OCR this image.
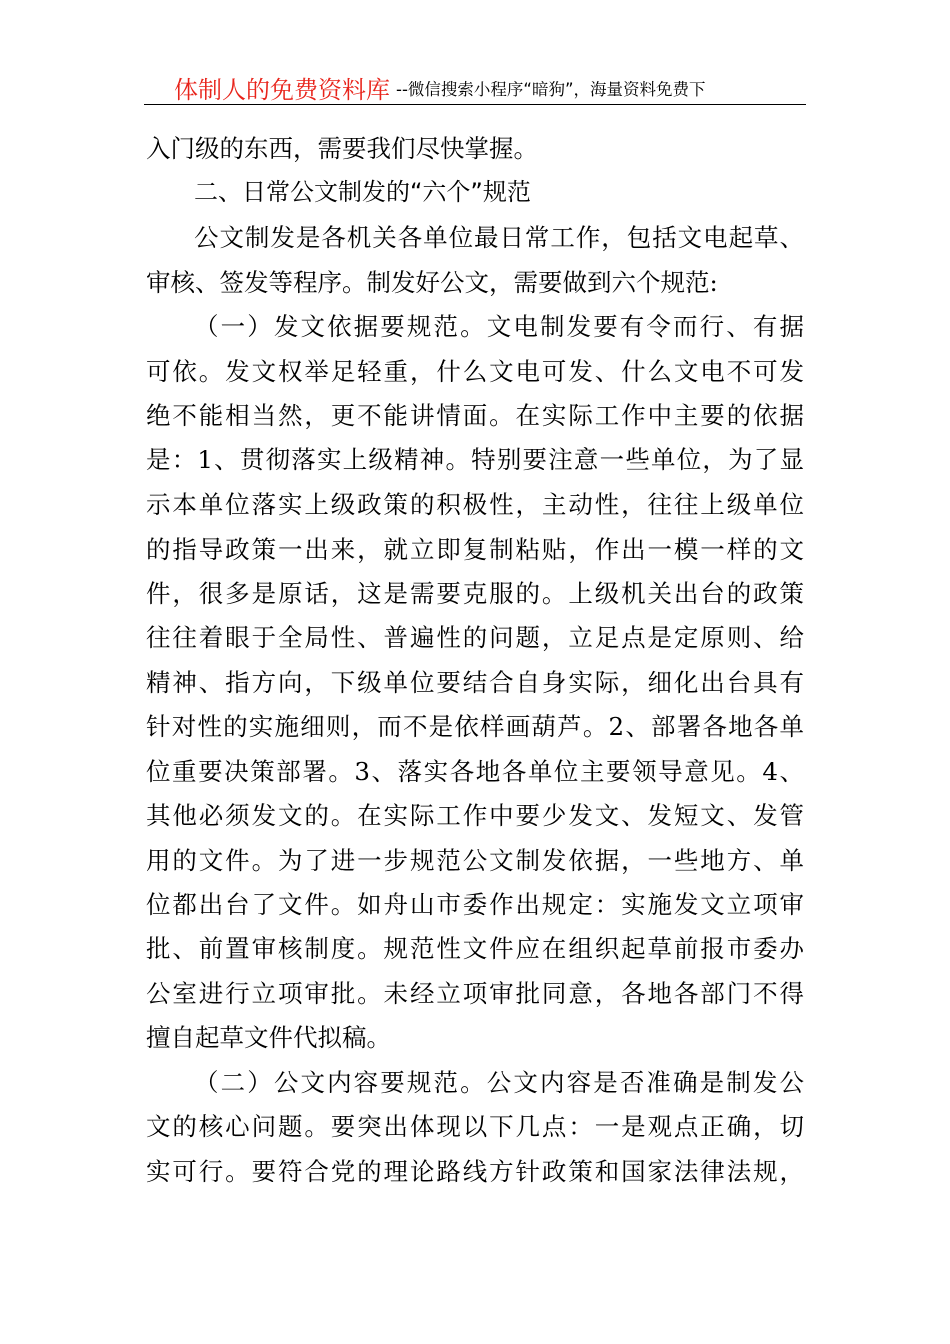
体制人的免费资料库 --微信搜索小程序“暗狗”，海量资料免费下
入门级的东西，需要我们尽快掌握。
二、日常公文制发的“六个”规范
公文制发是各机关各单位最日常工作，包括文电起草、
审核、签发等程序。制发好公文，需要做到六个规范:
（一）发文依据要规范。文电制发要有令而行、有据
可依。发文权举足轻重，什么文电可发、什么文电不可发
绝不能相当然，更不能讲情面。在实际工作中主要的依据
是：1、贯彻落实上级精神。特别要注意一些单位，为了显
示本单位落实上级政策的积极性，主动性，往往上级单位
的指导政策一出来，就立即复制粘贴，作出一模一样的文
件，很多是原话，这是需要克服的。上级机关出台的政策
往往着眼于全局性、普遍性的问题，立足点是定原则、给
精神、指方向，下级单位要结合自身实际，细化出台具有
针对性的实施细则，而不是依样画葫芦。2、部署各地各单
位重要决策部署。3、落实各地各单位主要领导意见。4、
其他必须发文的。在实际工作中要少发文、发短文、发管
用的文件。为了进一步规范公文制发依据，一些地方、单
位都出台了文件。如舟山市委作出规定：实施发文立项审
批、前置审核制度。规范性文件应在组织起草前报市委办
公室进行立项审批。未经立项审批同意，各地各部门不得
擅自起草文件代拟稿。
（二）公文内容要规范。公文内容是否准确是制发公
文的核心问题。要突出体现以下几点：一是观点正确，切
实可行。要符合党的理论路线方针政策和国家法律法规，
